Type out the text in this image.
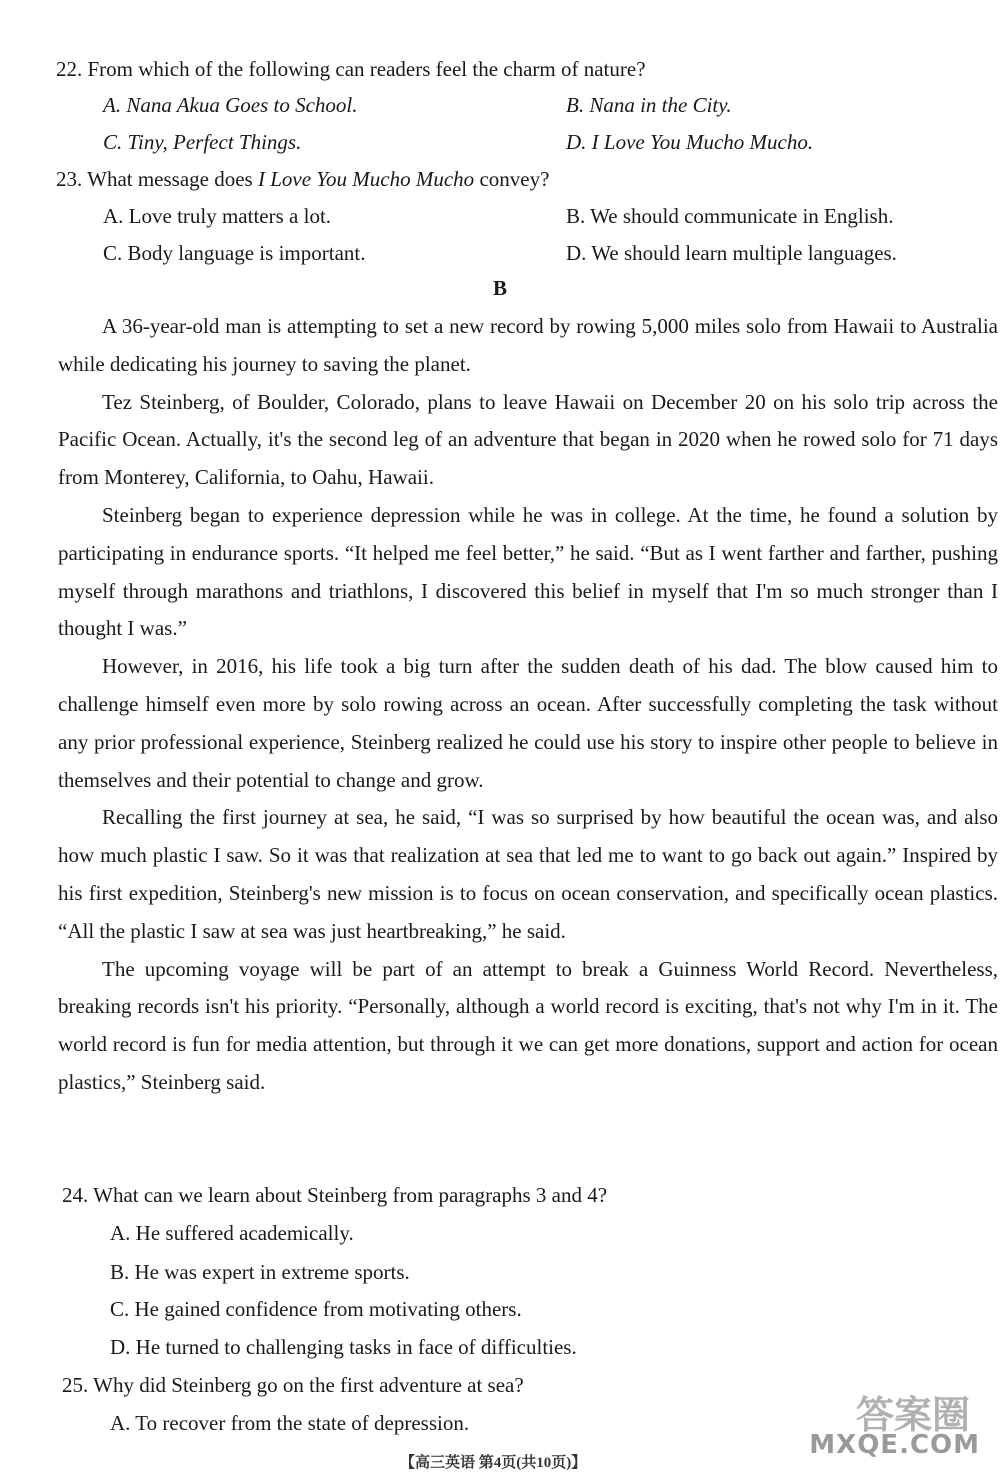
22. From which of the following can readers feel the charm of nature?
A. Nana Akua Goes to School.	B. Nana in the City.
C. Tiny, Perfect Things.	D. I Love You Mucho Mucho.
23. What message does I Love You Mucho Mucho convey?
A. Love truly matters a lot.	B. We should communicate in English.
C. Body language is important.	D. We should learn multiple languages.
B

A 36-year-old man is attempting to set a new record by rowing 5,000 miles solo from Hawaii to Australia while dedicating his journey to saving the planet.

Tez Steinberg, of Boulder, Colorado, plans to leave Hawaii on December 20 on his solo trip across the Pacific Ocean. Actually, it's the second leg of an adventure that began in 2020 when he rowed solo for 71 days from Monterey, California, to Oahu, Hawaii.

Steinberg began to experience depression while he was in college. At the time, he found a solution by participating in endurance sports. “It helped me feel better,” he said. “But as I went farther and farther, pushing myself through marathons and triathlons, I discovered this belief in myself that I'm so much stronger than I thought I was.”

However, in 2016, his life took a big turn after the sudden death of his dad. The blow caused him to challenge himself even more by solo rowing across an ocean. After successfully completing the task without any prior professional experience, Steinberg realized he could use his story to inspire other people to believe in themselves and their potential to change and grow.

Recalling the first journey at sea, he said, “I was so surprised by how beautiful the ocean was, and also how much plastic I saw. So it was that realization at sea that led me to want to go back out again.” Inspired by his first expedition, Steinberg's new mission is to focus on ocean conservation, and specifically ocean plastics. “All the plastic I saw at sea was just heartbreaking,” he said.

The upcoming voyage will be part of an attempt to break a Guinness World Record. Nevertheless, breaking records isn't his priority. “Personally, although a world record is exciting, that's not why I'm in it. The world record is fun for media attention, but through it we can get more donations, support and action for ocean plastics,” Steinberg said.

24. What can we learn about Steinberg from paragraphs 3 and 4?
A. He suffered academically.
B. He was expert in extreme sports.
C. He gained confidence from motivating others.
D. He turned to challenging tasks in face of difficulties.
25. Why did Steinberg go on the first adventure at sea?
A. To recover from the state of depression.
【高三英语 第4页(共10页)】
答案圈
MXQE.COM
